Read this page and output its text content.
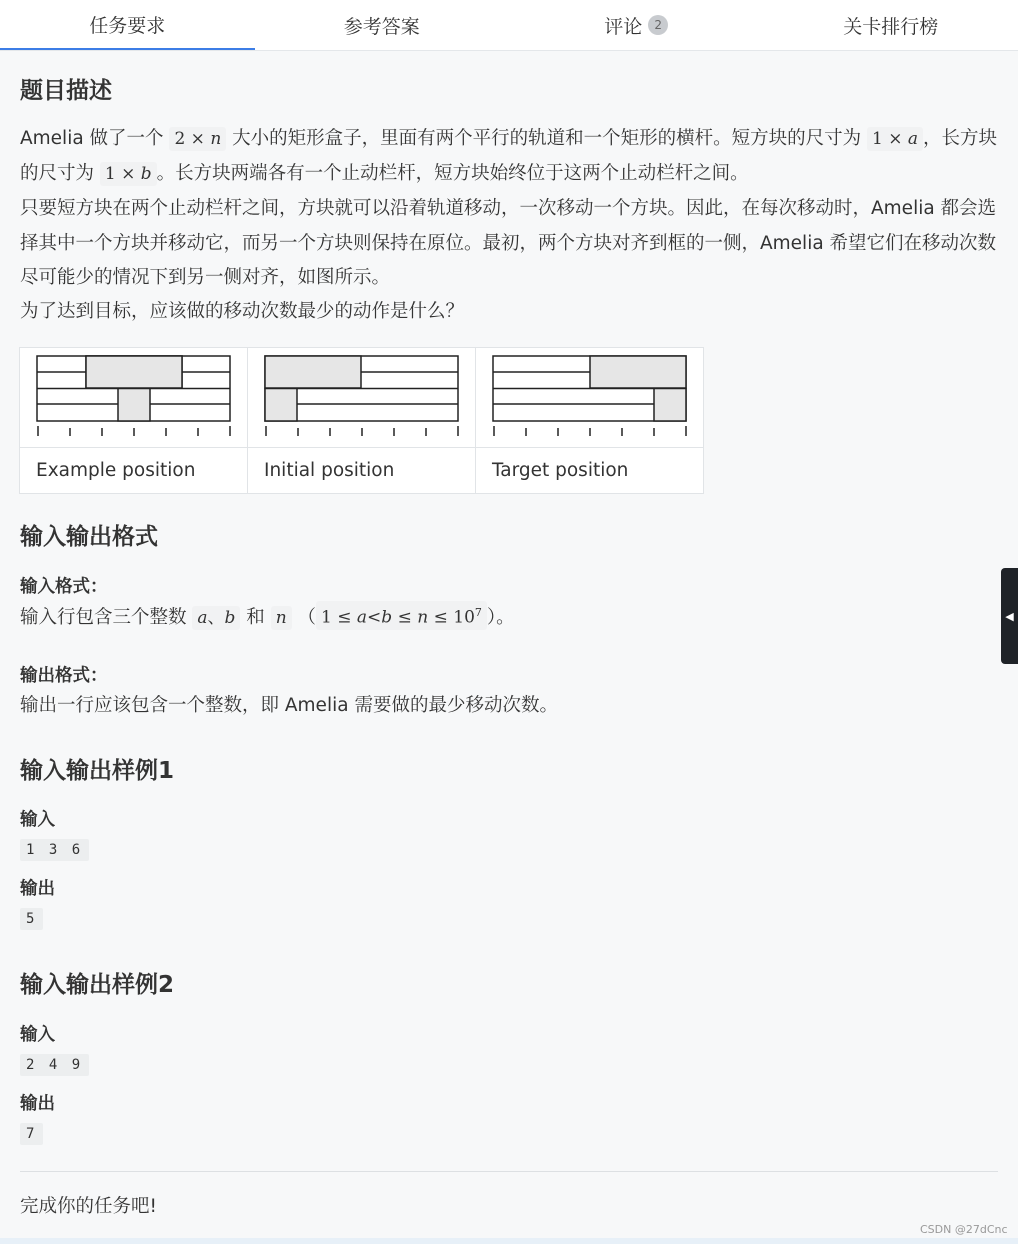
任务要求	参考答案	评论	2	关卡排行榜
题目描述

Amelia 做了一个 2 × n 大小的矩形盒子，里面有两个平行的轨道和一个矩形的横杆。短方块的尺寸为 1 × a ，长方块的尺寸为 1 × b 。长方块两端各有一个止动栏杆，短方块始终位于这两个止动栏杆之间。

只要短方块在两个止动栏杆之间，方块就可以沿着轨道移动，一次移动一个方块。因此，在每次移动时，Amelia 都会选择其中一个方块并移动它，而另一个方块则保持在原位。最初，两个方块对齐到框的一侧，Amelia 希望它们在移动次数尽可能少的情况下到另一侧对齐，如图所示。

为了达到目标，应该做的移动次数最少的动作是什么？

Example position	Initial position	Target position
输入输出格式
输入格式：

输入行包含三个整数 a、b 和 n （ $1 \le a<b \le n \le 10^7$ ）。

输出格式：

输出一行应该包含一个整数，即 Amelia 需要做的最少移动次数。

输入输出样例1
输入
1 3 6
输出
5
输入输出样例2
输入
2 4 9
输出
7

完成你的任务吧!

◀
CSDN @27dCnc
